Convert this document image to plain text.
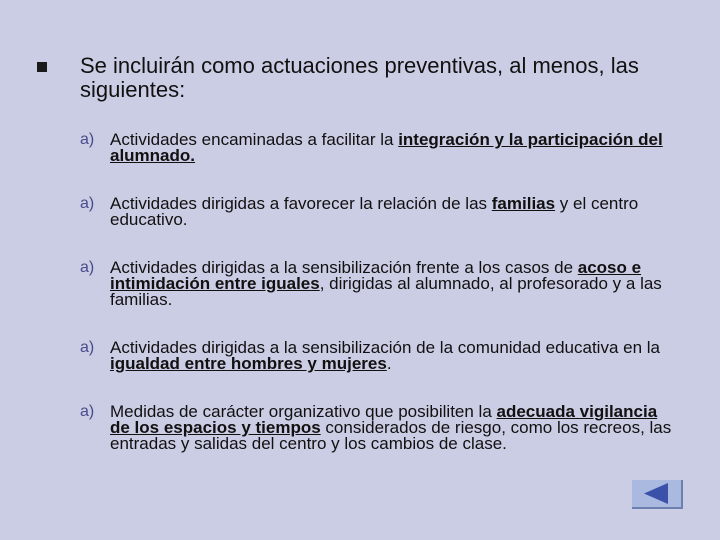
Se incluirán como actuaciones preventivas, al menos, las siguientes:
a) Actividades encaminadas a facilitar la integración y la participación del alumnado.
a) Actividades dirigidas a favorecer la relación de las familias y el centro educativo.
a) Actividades dirigidas a la sensibilización frente a los casos de acoso e intimidación entre iguales, dirigidas al alumnado, al profesorado y a las familias.
a) Actividades dirigidas a la sensibilización de la comunidad educativa en la igualdad entre hombres y mujeres.
a) Medidas de carácter organizativo que posibiliten la adecuada vigilancia de los espacios y tiempos considerados de riesgo, como los recreos, las entradas y salidas del centro y los cambios de clase.
